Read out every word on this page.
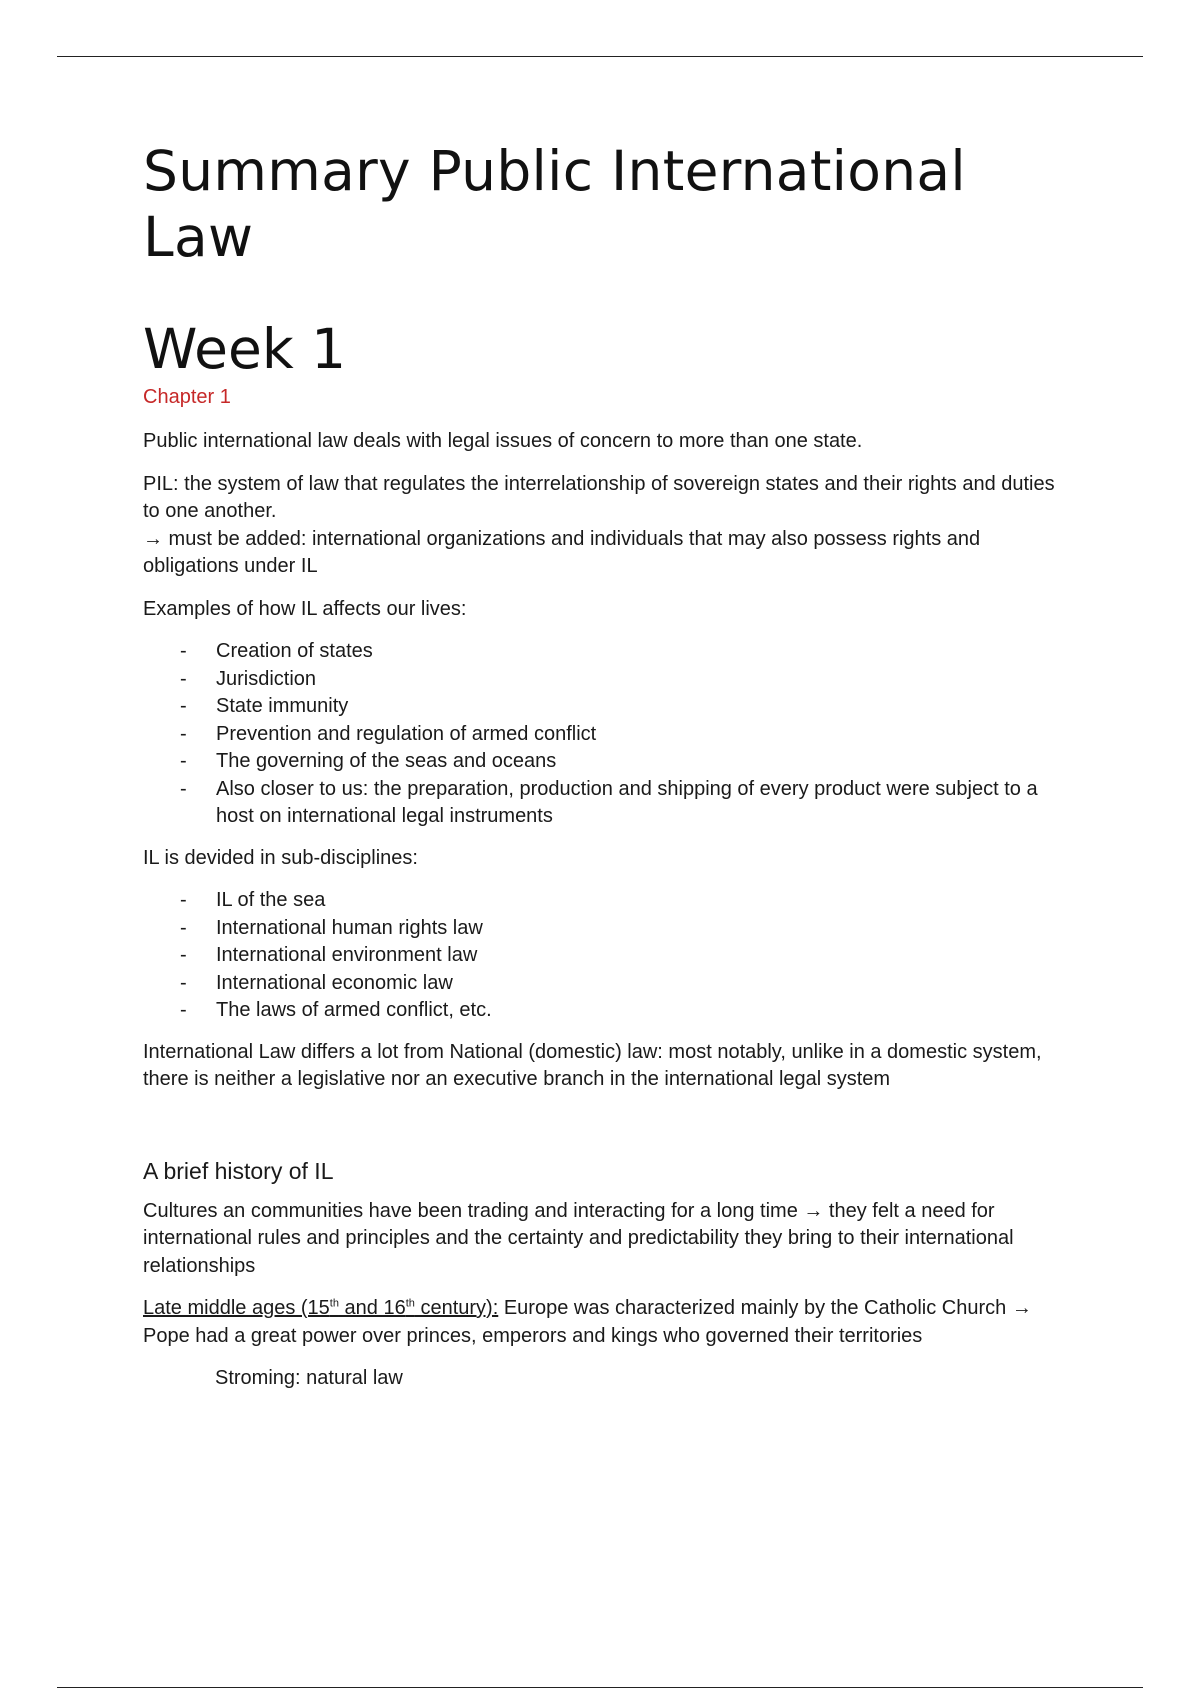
Summary Public International Law
Week 1
Chapter 1

Public international law deals with legal issues of concern to more than one state.

PIL: the system of law that regulates the interrelationship of sovereign states and their rights and duties to one another.
→ must be added: international organizations and individuals that may also possess rights and obligations under IL

Examples of how IL affects our lives:

- Creation of states
- Jurisdiction
- State immunity
- Prevention and regulation of armed conflict
- The governing of the seas and oceans
- Also closer to us: the preparation, production and shipping of every product were subject to a host on international legal instruments

IL is devided in sub-disciplines:

- IL of the sea
- International human rights law
- International environment law
- International economic law
- The laws of armed conflict, etc.

International Law differs a lot from National (domestic) law: most notably, unlike in a domestic system, there is neither a legislative nor an executive branch in the international legal system

A brief history of IL

Cultures an communities have been trading and interacting for a long time → they felt a need for international rules and principles and the certainty and predictability they bring to their international relationships

Late middle ages (15th and 16th century): Europe was characterized mainly by the Catholic Church → Pope had a great power over princes, emperors and kings who governed their territories

Stroming: natural law
